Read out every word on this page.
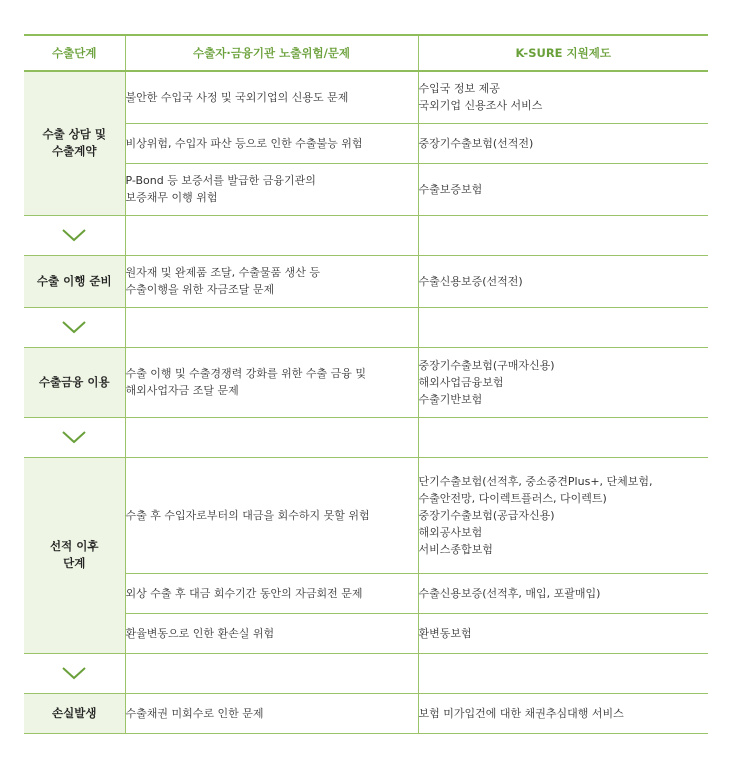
수출단계	수출자·금융기관 노출위험/문제	K-SURE 지원제도

수출 상담 및
수출계약	불안한 수입국 사정 및 국외기업의 신용도 문제	수입국 정보 제공
국외기업 신용조사 서비스

	비상위험, 수입자 파산 등으로 인한 수출불능 위험	중장기수출보험(선적전)

	P-Bond 등 보증서를 발급한 금융기관의
보증채무 이행 위험	수출보증보험

수출 이행 준비	원자재 및 완제품 조달, 수출물품 생산 등
수출이행을 위한 자금조달 문제	수출신용보증(선적전)

수출금융 이용	수출 이행 및 수출경쟁력 강화를 위한 수출 금융 및
해외사업자금 조달 문제	중장기수출보험(구매자신용)
해외사업금융보험
수출기반보험

선적 이후
단계	수출 후 수입자로부터의 대금을 회수하지 못할 위험	단기수출보험(선적후, 중소중견Plus+, 단체보험,
수출안전망, 다이렉트플러스, 다이렉트)
중장기수출보험(공급자신용)
해외공사보험
서비스종합보험

	외상 수출 후 대금 회수기간 동안의 자금회전 문제	수출신용보증(선적후, 매입, 포괄매입)

	환율변동으로 인한 환손실 위험	환변동보험

손실발생	수출채권 미회수로 인한 문제	보험 미가입건에 대한 채권추심대행 서비스
